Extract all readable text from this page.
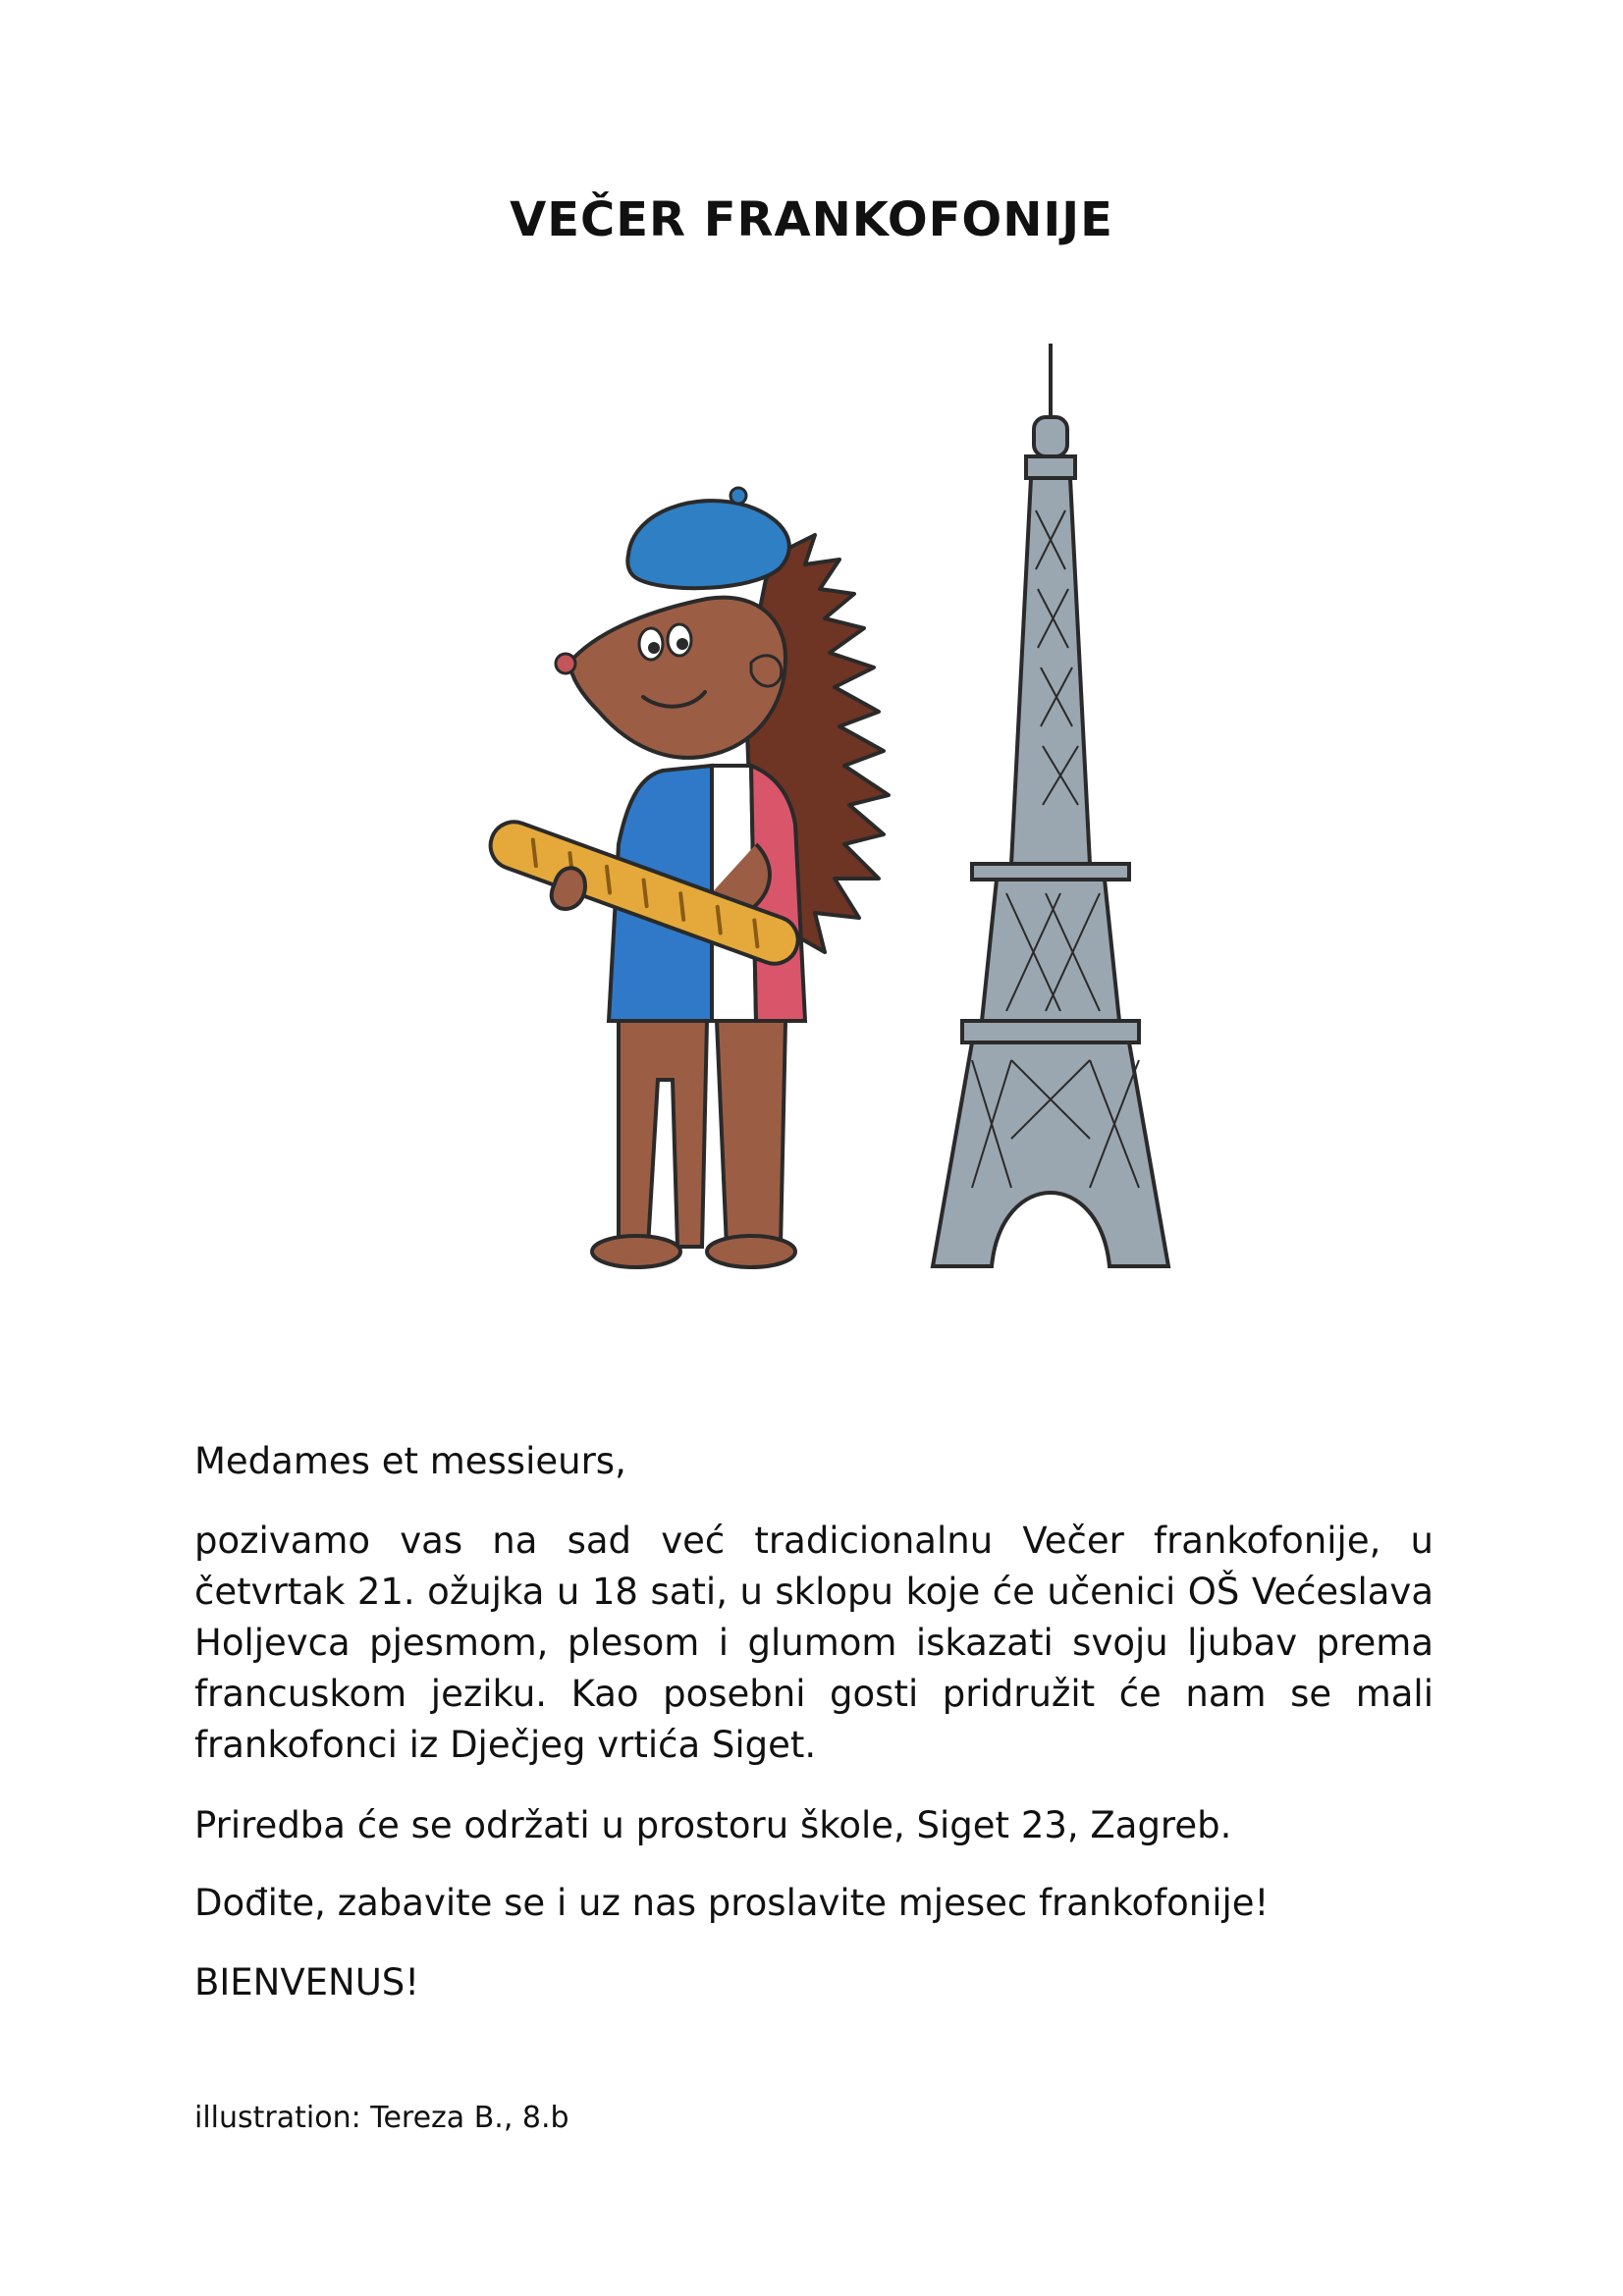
VEČER FRANKOFONIJE

Medames et messieurs,

pozivamo vas na sad već tradicionalnu Večer frankofonije, u četvrtak 21. ožujka u 18 sati, u sklopu koje će učenici OŠ Većeslava Holjevca pjesmom, plesom i glumom iskazati svoju ljubav prema francuskom jeziku. Kao posebni gosti pridružit će nam se mali frankofonci iz Dječjeg vrtića Siget.

Priredba će se održati u prostoru škole, Siget 23, Zagreb.

Dođite, zabavite se i uz nas proslavite mjesec frankofonije!

BIENVENUS!

illustration: Tereza B., 8.b
